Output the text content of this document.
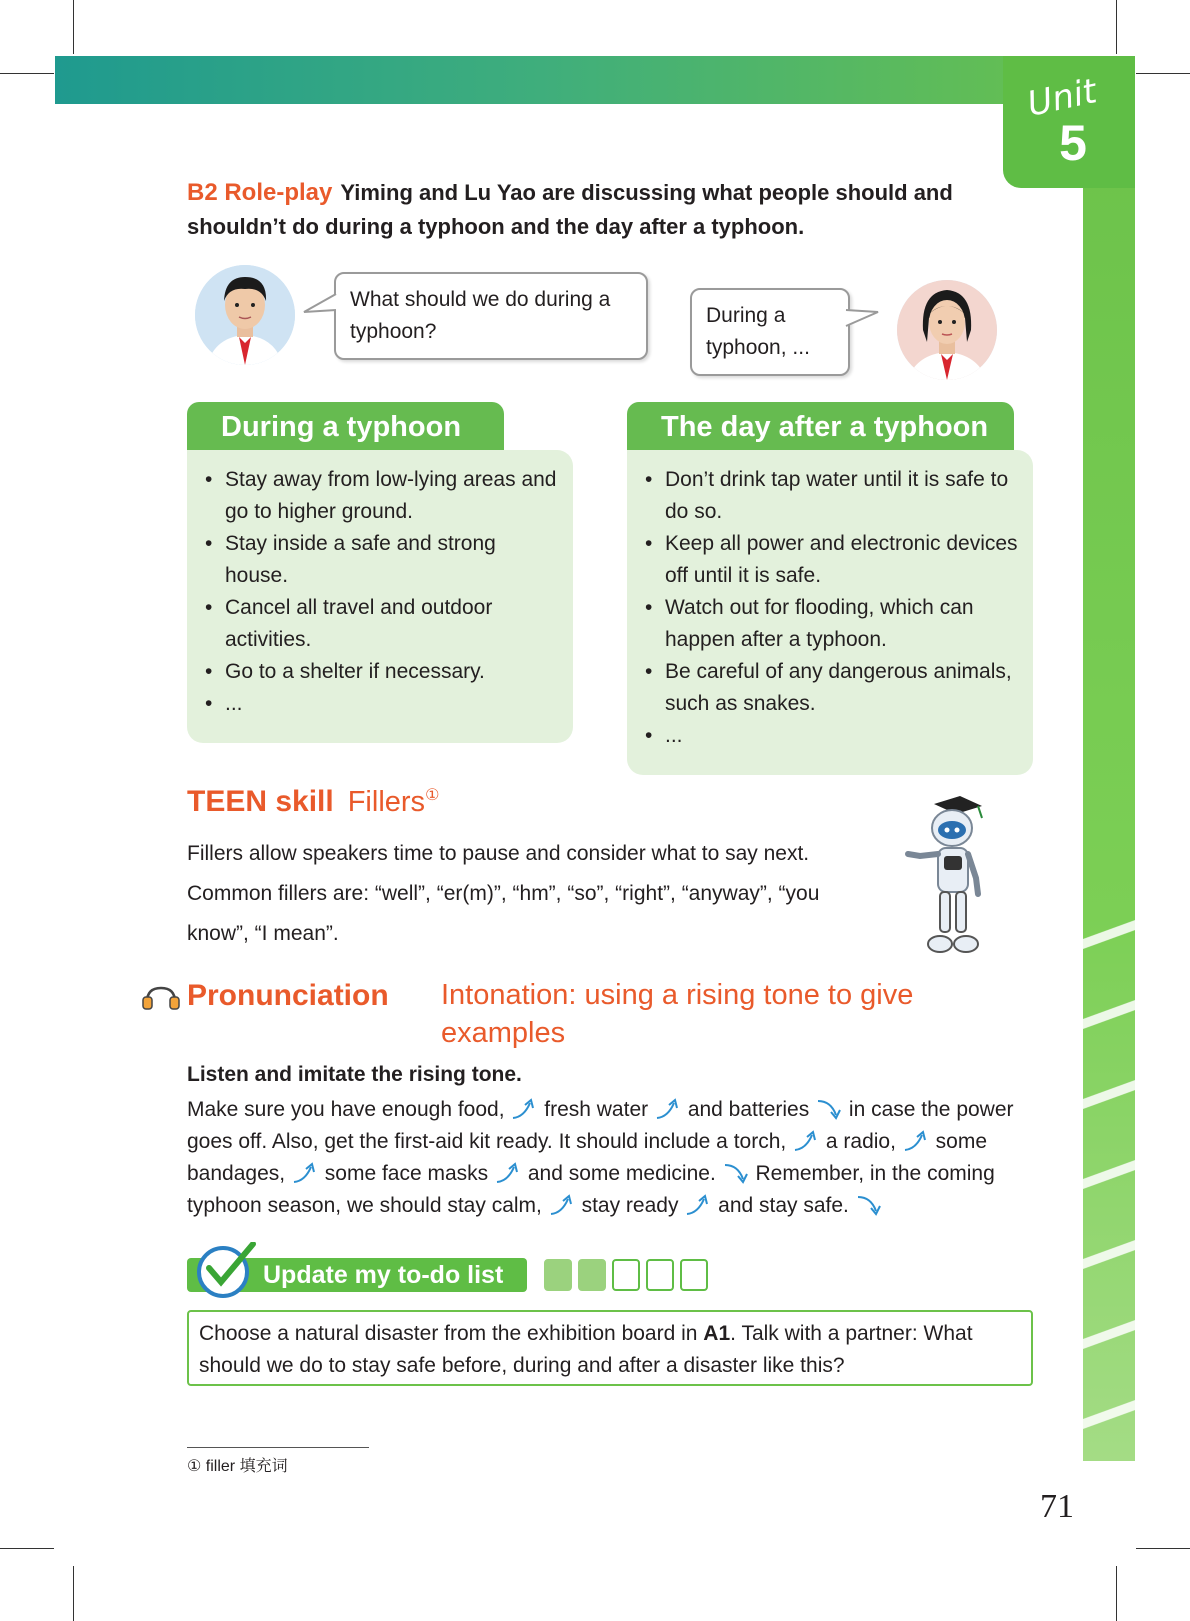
Unit
5
B2 Role-play Yiming and Lu Yao are discussing what people should and shouldn’t do during a typhoon and the day after a typhoon.
What should we do during a typhoon?
During a typhoon, ...
During a typhoon
• Stay away from low-lying areas and go to higher ground.
• Stay inside a safe and strong house.
• Cancel all travel and outdoor activities.
• Go to a shelter if necessary.
• ...
The day after a typhoon
• Don’t drink tap water until it is safe to do so.
• Keep all power and electronic devices off until it is safe.
• Watch out for flooding, which can happen after a typhoon.
• Be careful of any dangerous animals, such as snakes.
• ...
TEEN skill Fillers①
Fillers allow speakers time to pause and consider what to say next. Common fillers are: “well”, “er(m)”, “hm”, “so”, “right”, “anyway”, “you know”, “I mean”.
Pronunciation Intonation: using a rising tone to give examples
Listen and imitate the rising tone.
Make sure you have enough food, fresh water and batteries in case the power goes off. Also, get the first-aid kit ready. It should include a torch, a radio, some bandages, some face masks and some medicine. Remember, in the coming typhoon season, we should stay calm, stay ready and stay safe.
Update my to-do list
Choose a natural disaster from the exhibition board in A1. Talk with a partner: What should we do to stay safe before, during and after a disaster like this?
① filler 填充词
71
